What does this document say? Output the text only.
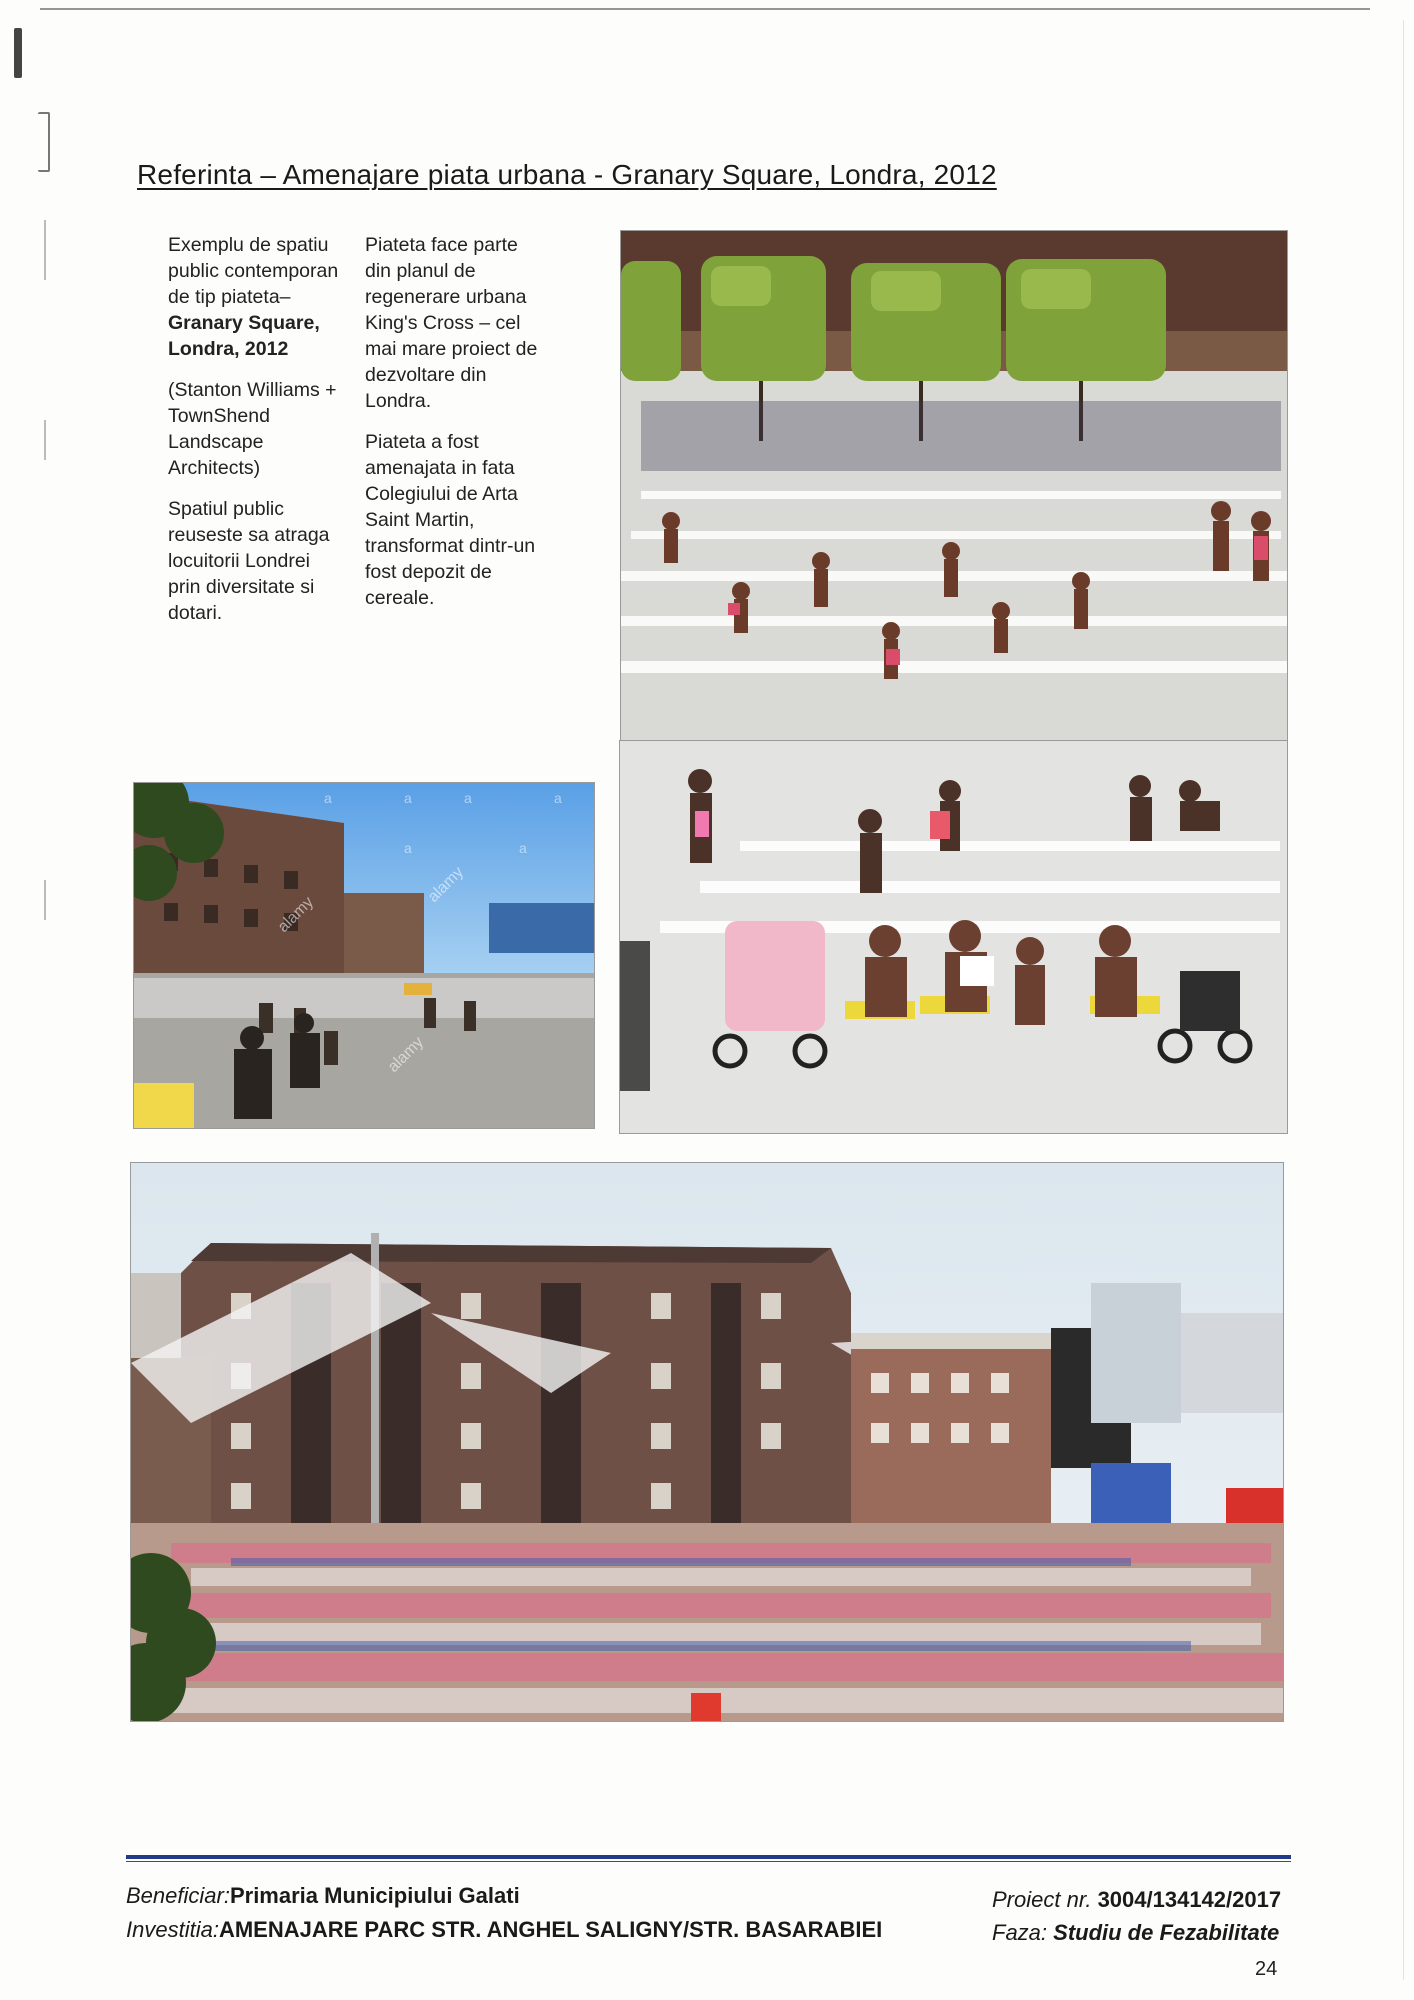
Referinta – Amenajare piata urbana - Granary Square, Londra, 2012

Exemplu de spatiu public contemporan de tip piateta–
Granary Square, Londra, 2012

(Stanton Williams + TownShend Landscape Architects)

Spatiul public reuseste sa atraga locuitorii Londrei prin diversitate si dotari.

Piateta face parte din planul de regenerare urbana King's Cross – cel mai mare proiect de dezvoltare din Londra.

Piateta a fost amenajata in fata Colegiului de Arta Saint Martin, transformat dintr-un fost depozit de cereale.

a	a	a	a
a	a
alamy
alamy
alamy
Beneficiar:Primaria Municipiului Galati
Investitia:AMENAJARE PARC STR. ANGHEL SALIGNY/STR. BASARABIEI
Proiect nr. 3004/134142/2017
Faza: Studiu de Fezabilitate
24
